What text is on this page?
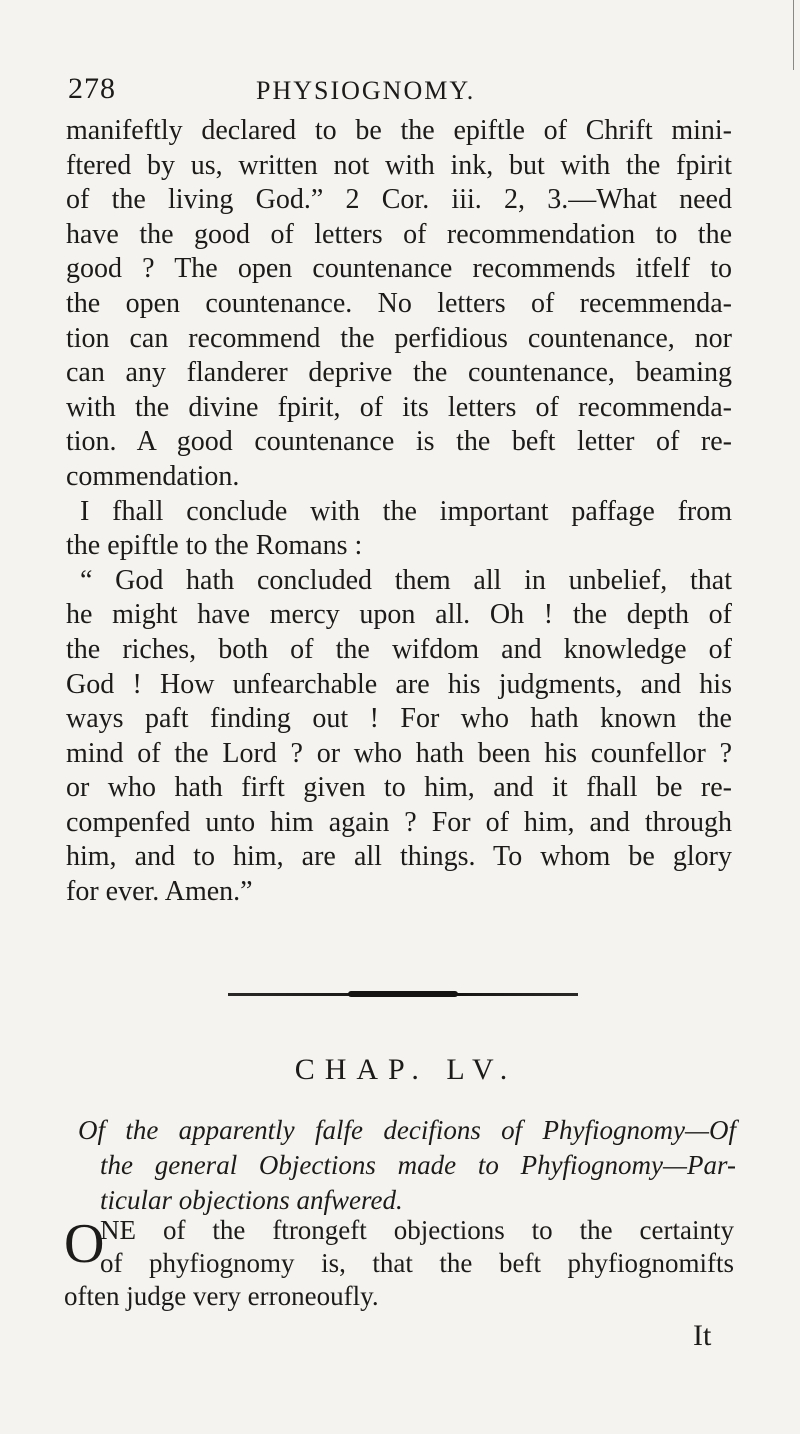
278	PHYSIOGNOMY.
manifeftly declared to be the epiftle of Chrift mini-
ftered by us, written not with ink, but with the fpirit
of the living God.” 2 Cor. iii. 2, 3.—What need
have the good of letters of recommendation to the
good ? The open countenance recommends itfelf to
the open countenance. No letters of recemmenda-
tion can recommend the perfidious countenance, nor
can any flanderer deprive the countenance, beaming
with the divine fpirit, of its letters of recommenda-
tion. A good countenance is the beft letter of re-
commendation.
I fhall conclude with the important paffage from
the epiftle to the Romans :
“ God hath concluded them all in unbelief, that
he might have mercy upon all. Oh ! the depth of
the riches, both of the wifdom and knowledge of
God ! How unfearchable are his judgments, and his
ways paft finding out ! For who hath known the
mind of the Lord ? or who hath been his counfellor ?
or who hath firft given to him, and it fhall be re-
compenfed unto him again ? For of him, and through
him, and to him, are all things. To whom be glory
for ever. Amen.”
CHAP. LV.
Of the apparently falfe decifions of Phyfiognomy—Of
the general Objections made to Phyfiognomy—Par-
ticular objections anfwered.
O
NE of the ftrongeft objections to the certainty
of phyfiognomy is, that the beft phyfiognomifts
often judge very erroneoufly.
It
